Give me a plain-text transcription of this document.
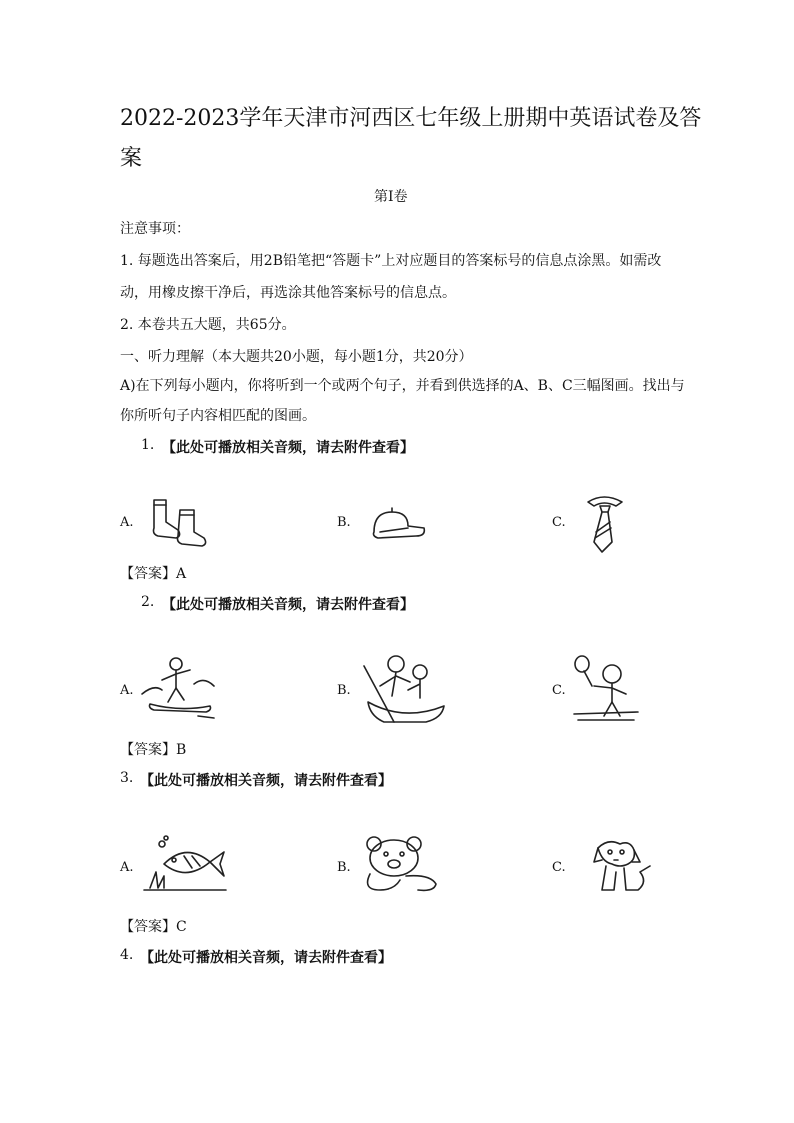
2022-2023学年天津市河西区七年级上册期中英语试卷及答
案
第I卷
注意事项：
1. 每题选出答案后，用2B铅笔把“答题卡”上对应题目的答案标号的信息点涂黑。如需改
动，用橡皮擦干净后，再选涂其他答案标号的信息点。
2. 本卷共五大题，共65分。
一、听力理解（本大题共20小题，每小题1分，共20分）
A)在下列每小题内，你将听到一个或两个句子，并看到供选择的A、B、C三幅图画。找出与
你所听句子内容相匹配的图画。
1. 【此处可播放相关音频，请去附件查看】
A.	B.	C.
【答案】A
2. 【此处可播放相关音频，请去附件查看】
A.	B.	C.
【答案】B
3. 【此处可播放相关音频，请去附件查看】
A.	B.	C.
【答案】C
4. 【此处可播放相关音频，请去附件查看】
